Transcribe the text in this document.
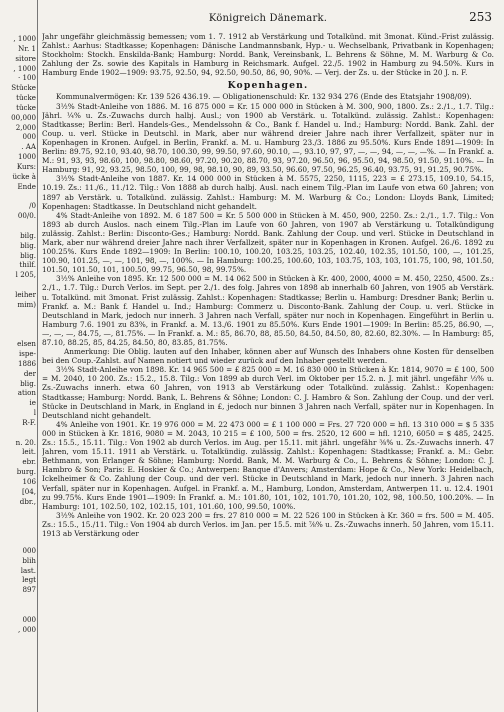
, 1000
Nr. 1
sitore
, 1000
· 100
Stücke
tücke
tücke
00,000
2,000
000
. AA
1000
Kurs:
ücke à
Ende

/0
00/0.

bilg.
blig.
blig.
thilf.
l 205,

leiher
mim)

elsen
ispe-
1886
der
blig.
ation
ie
l
R-F.

n. 20.
leit.
ebr.
burg.
106
[04,
dbr.,

000
blih
last.
legt
897

000
, 000

Königreich Dänemark.	253

Jahr ungefähr gleichmässig bemessen; vom 1. 7. 1912 ab Verstärkung und Totalkünd. mit 3monat. Künd.-Frist zulässig. Zahlst.: Aarhus: Stadtkasse; Kopenhagen: Dänische Landmannsbank, Hyp.- u. Wechselbank, Privatbank in Kopenhagen; Stockholm: Stockh. Enskilda-Bank; Hamburg: Nordd. Bank, Vereinsbank, L. Behrens & Söhne, M. M. Warburg & Co. Zahlung der Zs. sowie des Kapitals in Hamburg in Reichsmark. Aufgel. 22./5. 1902 in Hamburg zu 94.50%. Kurs in Hamburg Ende 1902—1909: 93.75, 92.50, 94, 92.50, 90.50, 86, 90, 90%. — Verj. der Zs. u. der Stücke in 20 J. n. F.

Kopenhagen.

Kommunalvermögen: Kr. 139 526 436.19. — Obligationenschuld: Kr. 132 934 276 (Ende des Etatsjahr 1908/09).

3½% Stadt-Anleihe von 1886. M. 16 875 000 = Kr. 15 000 000 in Stücken à M. 300, 900, 1800. Zs.: 2./1., 1.7. Tilg.: Jährl. ¼% u. Zs.-Zuwachs durch halbj. Ausl.; von 1900 ab Verstärk. u. Totalkünd. zulässig. Zahlst.: Kopenhagen: Stadtkasse; Berlin: Berl. Handels-Ges., Mendelssohn & Co., Bank f. Handel u. Ind.; Hamburg: Nordd. Bank. Zahl. der Coup. u. verl. Stücke in Deutschl. in Mark, aber nur während dreier Jahre nach ihrer Verfallzeit, später nur in Kopenhagen in Kronen. Aufgel. in Berlin, Frankf. a. M. u. Hamburg 23./3. 1886 zu 95.50%. Kurs Ende 1891—1909: In Berlin: 89.75, 92.10, 93.40, 98.70, 100.30, 99, 99.50, 97.60, 90.10, —, 93.10, 97, 97, —, —, 94, —, —, —%. — In Frankf. a. M.: 91, 93, 93, 98.60, 100, 98.80, 98.60, 97.20, 90.20, 88.70, 93, 97.20, 96.50, 96, 95.50, 94, 98.50, 91.50, 91.10%. — In Hamburg: 91, 92, 93.25, 98.50, 100, 99, 98, 98.10, 90, 89, 93.50, 96.60, 97.50, 96.25, 96.40, 93.75, 91, 91.25, 90.75%.

3½% Stadt-Anleihe von 1887. Kr. 14 000 000 in Stücken à M. 5575, 2250, 1115, 223 = £ 273.15, 109.10, 54.15, 10.19. Zs.: 11./6., 11./12. Tilg.: Von 1888 ab durch halbj. Ausl. nach einem Tilg.-Plan im Laufe von etwa 60 Jahren; von 1897 ab Verstärk. u. Totalkünd. zulässig. Zahlst.: Hamburg: M. M. Warburg & Co.; London: Lloyds Bank, Limited; Kopenhagen: Stadtkasse. In Deutschland nicht gehandelt.

4% Stadt-Anleihe von 1892. M. 6 187 500 = Kr. 5 500 000 in Stücken à M. 450, 900, 2250. Zs.: 2./1., 1.7. Tilg.: Von 1893 ab durch Auslos. nach einem Tilg.-Plan im Laufe von 60 Jahren, von 1907 ab Verstärkung u. Totalkündigung zulässig. Zahlst.: Berlin: Disconto-Ges.; Hamburg: Nordd. Bank. Zahlung der Coup. und verl. Stücke in Deutschland in Mark, aber nur während dreier Jahre nach ihrer Verfallzeit, später nur in Kopenhagen in Kronen. Aufgel. 26./6. 1892 zu 100.25%. Kurs Ende 1892—1909: In Berlin: 100.10, 100.20, 103.25, 103.25, 102.40, 102.35, 101.50, 100, —, 101.25, 100.90, 101.25, —, —, 101, 98, —, 100%. — In Hamburg: 100.25, 100.60, 103, 103.75, 103, 103, 101.75, 100, 98, 101.50, 101.50, 101.50, 101, 100.50, 99.75, 96.50, 98, 99.75%.

3½% Anleihe von 1895. Kr. 12 500 000 = M. 14 062 500 in Stücken à Kr. 400, 2000, 4000 = M. 450, 2250, 4500. Zs.: 2./1., 1.7. Tilg.: Durch Verlos. im Sept. per 2./1. des folg. Jahres von 1898 ab innerhalb 60 Jahren, von 1905 ab Verstärk. u. Totalkünd. mit 3monat. Frist zulässig. Zahlst.: Kopenhagen: Stadtkasse; Berlin u. Hamburg: Dresdner Bank; Berlin u. Frankf. a. M.: Bank f. Handel u. Ind.; Hamburg: Commerz u. Disconto-Bank. Zahlung der Coup. u. verl. Stücke in Deutschland in Mark, jedoch nur innerh. 3 Jahren nach Verfall, später nur noch in Kopenhagen. Eingeführt in Berlin u. Hamburg 7.6. 1901 zu 83%, in Frankf. a. M. 13./6. 1901 zu 85.50%. Kurs Ende 1901—1909: In Berlin: 85.25, 86.90, —, —, —, —, 84.75, —, 81.75%. — In Frankf. a. M.: 85, 86.70, 88, 85.50, 84.50, 84.50, 80, 82.60, 82.30%. — In Hamburg: 85, 87.10, 88.25, 85, 84.25, 84.50, 80, 83.85, 81.75%.

Anmerkung: Die Oblig. lauten auf den Inhaber, können aber auf Wunsch des Inhabers ohne Kosten für denselben bei den Coup.-Zahlst. auf Namen notiert und wieder zurück auf den Inhaber gestellt werden.

3½% Stadt-Anleihe von 1898. Kr. 14 965 500 = £ 825 000 = M. 16 830 000 in Stücken à Kr. 1814, 9070 = £ 100, 500 = M. 2040, 10 200. Zs.: 15.2., 15.8. Tilg.: Von 1899 ab durch Verl. im Oktober per 15.2. n. J. mit jährl. ungefähr ⅓% u. Zs.-Zuwachs innerh. etwa 60 Jahren, von 1913 ab Verstärkung oder Totalkünd. zulässig. Zahlst.: Kopenhagen: Stadtkasse; Hamburg: Nordd. Bank, L. Behrens & Söhne; London: C. J. Hambro & Son. Zahlung der Coup. und der verl. Stücke in Deutschland in Mark, in England in £, jedoch nur binnen 3 Jahren nach Verfall, später nur in Kopenhagen. In Deutschland nicht gehandelt.

4% Anleihe von 1901. Kr. 19 976 000 = M. 22 473 000 = £ 1 100 000 = Frs. 27 720 000 = hfl. 13 310 000 = $ 5 335 000 in Stücken à Kr. 1816, 9080 = M. 2043, 10 215 = £ 100, 500 = frs. 2520, 12 600 = hfl. 1210, 6050 = $ 485, 2425. Zs.: 15.5., 15.11. Tilg.: Von 1902 ab durch Verlos. im Aug. per 15.11. mit jährl. ungefähr ⅜% u. Zs.-Zuwachs innerh. 47 Jahren, vom 15.11. 1911 ab Verstärk. u. Totalkündig. zulässig. Zahlst.: Kopenhagen: Stadtkasse; Frankf. a. M.: Gebr. Bethmann, von Erlanger & Söhne; Hamburg: Nordd. Bank, M. M. Warburg & Co., L. Behrens & Söhne; London: C. J. Hambro & Son; Paris: E. Hoskier & Co.; Antwerpen: Banque d'Anvers; Amsterdam: Hope & Co., New York: Heidelbach, Ickelheimer & Co. Zahlung der Coup. und der verl. Stücke in Deutschland in Mark, jedoch nur innerh. 3 Jahren nach Verfall, später nur in Kopenhagen. Aufgel. in Frankf. a. M., Hamburg, London, Amsterdam, Antwerpen 11. u. 12.4. 1901 zu 99.75%. Kurs Ende 1901—1909: In Frankf. a. M.: 101.80, 101, 102, 101.70, 101.20, 102, 98, 100.50, 100.20%. — In Hamburg: 101, 102.50, 102, 102.15, 101, 101.60, 100, 99.50, 100%.

3½% Anleihe von 1902. Kr. 20 023 200 = frs. 27 810 000 = M. 22 526 100 in Stücken à Kr. 360 = frs. 500 = M. 405. Zs.: 15.5., 15./11. Tilg.: Von 1904 ab durch Verlos. im Jan. per 15.5. mit ⅞% u. Zs.-Zuwachs innerh. 50 Jahren, vom 15.11. 1913 ab Verstärkung oder
